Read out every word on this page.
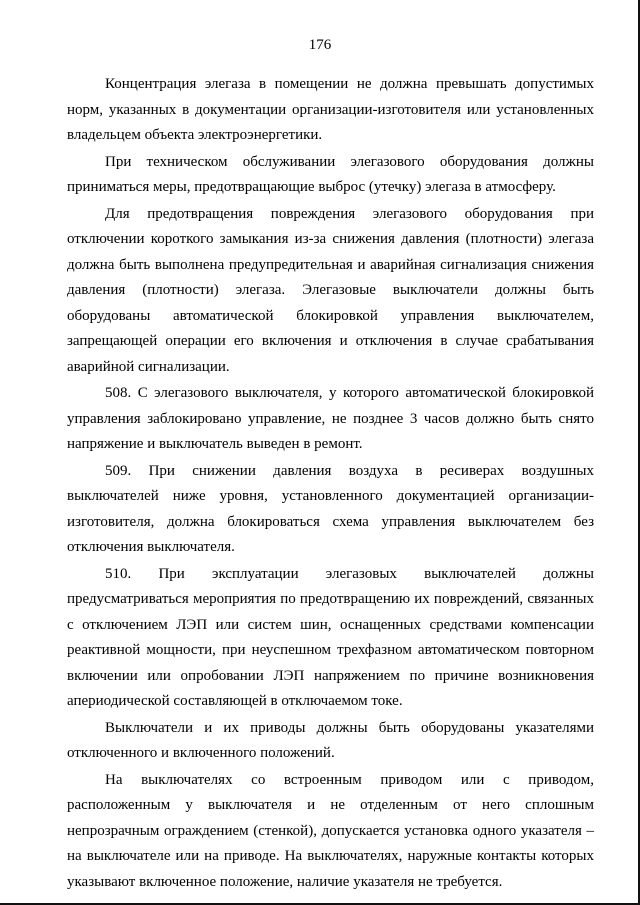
176

Концентрация элегаза в помещении не должна превышать допустимых норм, указанных в документации организации-изготовителя или установленных владельцем объекта электроэнергетики.

При техническом обслуживании элегазового оборудования должны приниматься меры, предотвращающие выброс (утечку) элегаза в атмосферу.

Для предотвращения повреждения элегазового оборудования при отключении короткого замыкания из-за снижения давления (плотности) элегаза должна быть выполнена предупредительная и аварийная сигнализация снижения давления (плотности) элегаза. Элегазовые выключатели должны быть оборудованы автоматической блокировкой управления выключателем, запрещающей операции его включения и отключения в случае срабатывания аварийной сигнализации.

508. С элегазового выключателя, у которого автоматической блокировкой управления заблокировано управление, не позднее 3 часов должно быть снято напряжение и выключатель выведен в ремонт.

509. При снижении давления воздуха в ресиверах воздушных выключателей ниже уровня, установленного документацией организации-изготовителя, должна блокироваться схема управления выключателем без отключения выключателя.

510. При эксплуатации элегазовых выключателей должны предусматриваться мероприятия по предотвращению их повреждений, связанных с отключением ЛЭП или систем шин, оснащенных средствами компенсации реактивной мощности, при неуспешном трехфазном автоматическом повторном включении или опробовании ЛЭП напряжением по причине возникновения апериодической составляющей в отключаемом токе.

Выключатели и их приводы должны быть оборудованы указателями отключенного и включенного положений.

На выключателях со встроенным приводом или с приводом, расположенным у выключателя и не отделенным от него сплошным непрозрачным ограждением (стенкой), допускается установка одного указателя – на выключателе или на приводе. На выключателях, наружные контакты которых указывают включенное положение, наличие указателя не требуется.
